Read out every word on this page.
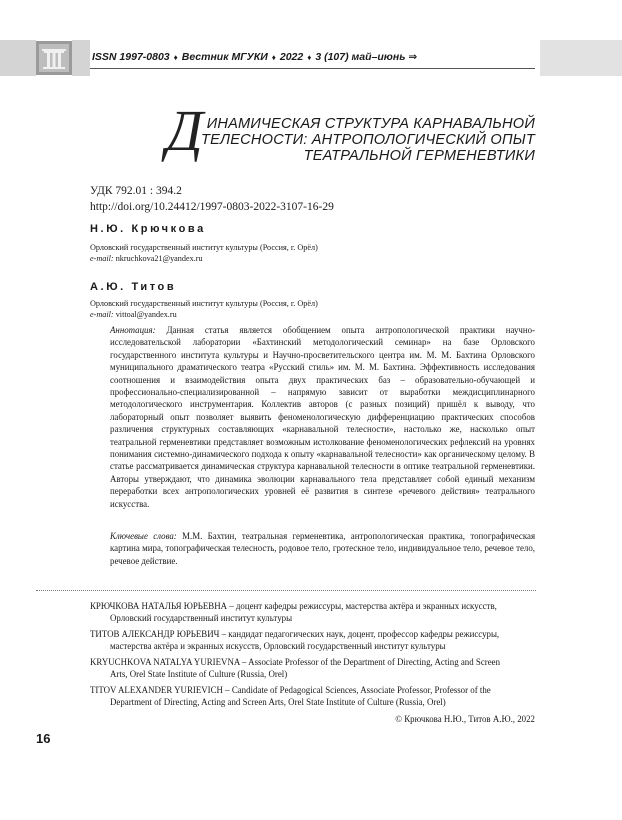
ISSN 1997-0803 ♦ Вестник МГУКИ ♦ 2022 ♦ 3 (107) май–июнь ⇒
Д ИНАМИЧЕСКАЯ СТРУКТУРА КАРНАВАЛЬНОЙ
ТЕЛЕСНОСТИ: АНТРОПОЛОГИЧЕСКИЙ ОПЫТ
ТЕАТРАЛЬНОЙ ГЕРМЕНЕВТИКИ
УДК 792.01 : 394.2
http://doi.org/10.24412/1997-0803-2022-3107-16-29
Н.Ю. Крючкова
Орловский государственный институт культуры (Россия, г. Орёл)
e-mail: nkruchkova21@yandex.ru
А.Ю. Титов
Орловский государственный институт культуры (Россия, г. Орёл)
e-mail: vittoal@yandex.ru
Аннотация: Данная статья является обобщением опыта антропологической практики научно-исследовательской лаборатории «Бахтинский методологический семинар» на базе Орловского государственного института культуры и Научно-просветительского центра им. М. М. Бахтина Орловского муниципального драматического театра «Русский стиль» им. М. М. Бахтина. Эффективность исследования соотношения и взаимодействия опыта двух практических баз – образовательно-обучающей и профессионально-специализированной – напрямую зависит от выработки междисциплинарного методологического инструментария. Коллектив авторов (с разных позиций) пришёл к выводу, что лабораторный опыт позволяет выявить феноменологическую дифференциацию практических способов различения структурных составляющих «карнавальной телесности», настолько же, насколько опыт театральной герменевтики представляет возможным истолкование феноменологических рефлексий на уровнях понимания системно-динамического подхода к опыту «карнавальной телесности» как органическому целому. В статье рассматривается динамическая структура карнавальной телесности в оптике театральной герменевтики. Авторы утверждают, что динамика эволюции карнавального тела представляет собой единый механизм переработки всех антропологических уровней её развития в синтезе «речевого действия» театрального искусства.
Ключевые слова: М.М. Бахтин, театральная герменевтика, антропологическая практика, топографическая картина мира, топографическая телесность, родовое тело, гротескное тело, индивидуальное тело, речевое тело, речевое действие.
КРЮЧКОВА НАТАЛЬЯ ЮРЬЕВНА – доцент кафедры режиссуры, мастерства актёра и экранных искусств,
Орловский государственный институт культуры
ТИТОВ АЛЕКСАНДР ЮРЬЕВИЧ – кандидат педагогических наук, доцент, профессор кафедры режиссуры,
мастерства актёра и экранных искусств, Орловский государственный институт культуры
KRYUCHKOVA NATALYA YURIEVNA – Associate Professor of the Department of Directing, Acting and Screen
Arts, Orel State Institute of Culture (Russia, Orel)
TITOV ALEXANDER YURIEVICH – Candidate of Pedagogical Sciences, Associate Professor, Professor of the
Department of Directing, Acting and Screen Arts, Orel State Institute of Culture (Russia, Orel)
© Крючкова Н.Ю., Титов А.Ю., 2022
16
